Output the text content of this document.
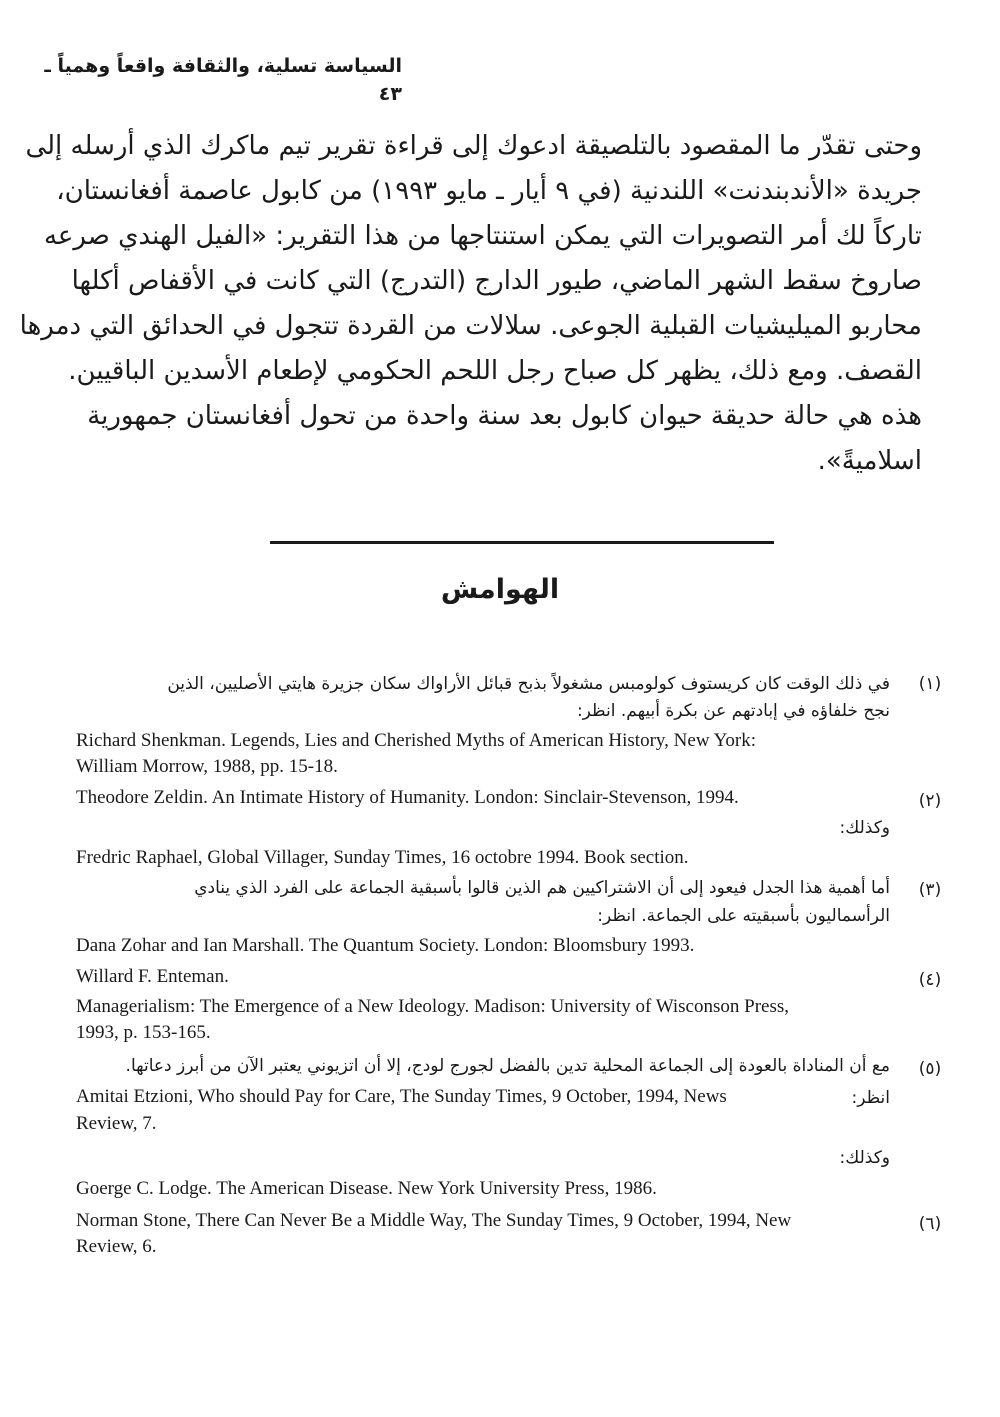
السياسة تسلية، والثقافة واقعاً وهمياً ـ ٤٣
وحتى تقدّر ما المقصود بالتلصيقة ادعوك إلى قراءة تقرير تيم ماكرك الذي أرسله إلى
جريدة «الأندبندنت» اللندنية (في ٩ أيار ـ مايو ١٩٩٣) من كابول عاصمة أفغانستان،
تاركاً لك أمر التصويرات التي يمكن استنتاجها من هذا التقرير: «الفيل الهندي صرعه
صاروخ سقط الشهر الماضي، طيور الدارج (التدرج) التي كانت في الأقفاص أكلها
محاربو الميليشيات القبلية الجوعى. سلالات من القردة تتجول في الحدائق التي دمرها
القصف. ومع ذلك، يظهر كل صباح رجل اللحم الحكومي لإطعام الأسدين الباقيين.
هذه هي حالة حديقة حيوان كابول بعد سنة واحدة من تحول أفغانستان جمهورية
اسلاميةً».
الهوامش
(١)
في ذلك الوقت كان كريستوف كولومبس مشغولاً بذبح قبائل الأراواك سكان جزيرة هايتي الأصليين، الذين
نجح خلفاؤه في إبادتهم عن بكرة أبيهم. انظر:
Richard Shenkman. Legends, Lies and Cherished Myths of American History, New York:
William Morrow, 1988, pp. 15-18.
(٢)
Theodore Zeldin. An Intimate History of Humanity. London: Sinclair-Stevenson, 1994.
وكذلك:
Fredric Raphael, Global Villager, Sunday Times, 16 octobre 1994. Book section.
(٣)
أما أهمية هذا الجدل فيعود إلى أن الاشتراكيين هم الذين قالوا بأسبقية الجماعة على الفرد الذي ينادي
الرأسماليون بأسبقيته على الجماعة. انظر:
Dana Zohar and Ian Marshall. The Quantum Society. London: Bloomsbury 1993.
(٤)
Willard F. Enteman.
Managerialism: The Emergence of a New Ideology. Madison: University of Wisconson Press,
1993, p. 153-165.
(٥)
مع أن المناداة بالعودة إلى الجماعة المحلية تدين بالفضل لجورج لودج، إلا أن اتزيوني يعتبر الآن من أبرز دعاتها.
Amitai Etzioni, Who should Pay for Care, The Sunday Times, 9 October, 1994, News	انظر:
Review, 7.
وكذلك:
Goerge C. Lodge. The American Disease. New York University Press, 1986.
(٦)
Norman Stone, There Can Never Be a Middle Way, The Sunday Times, 9 October, 1994, New
Review, 6.
